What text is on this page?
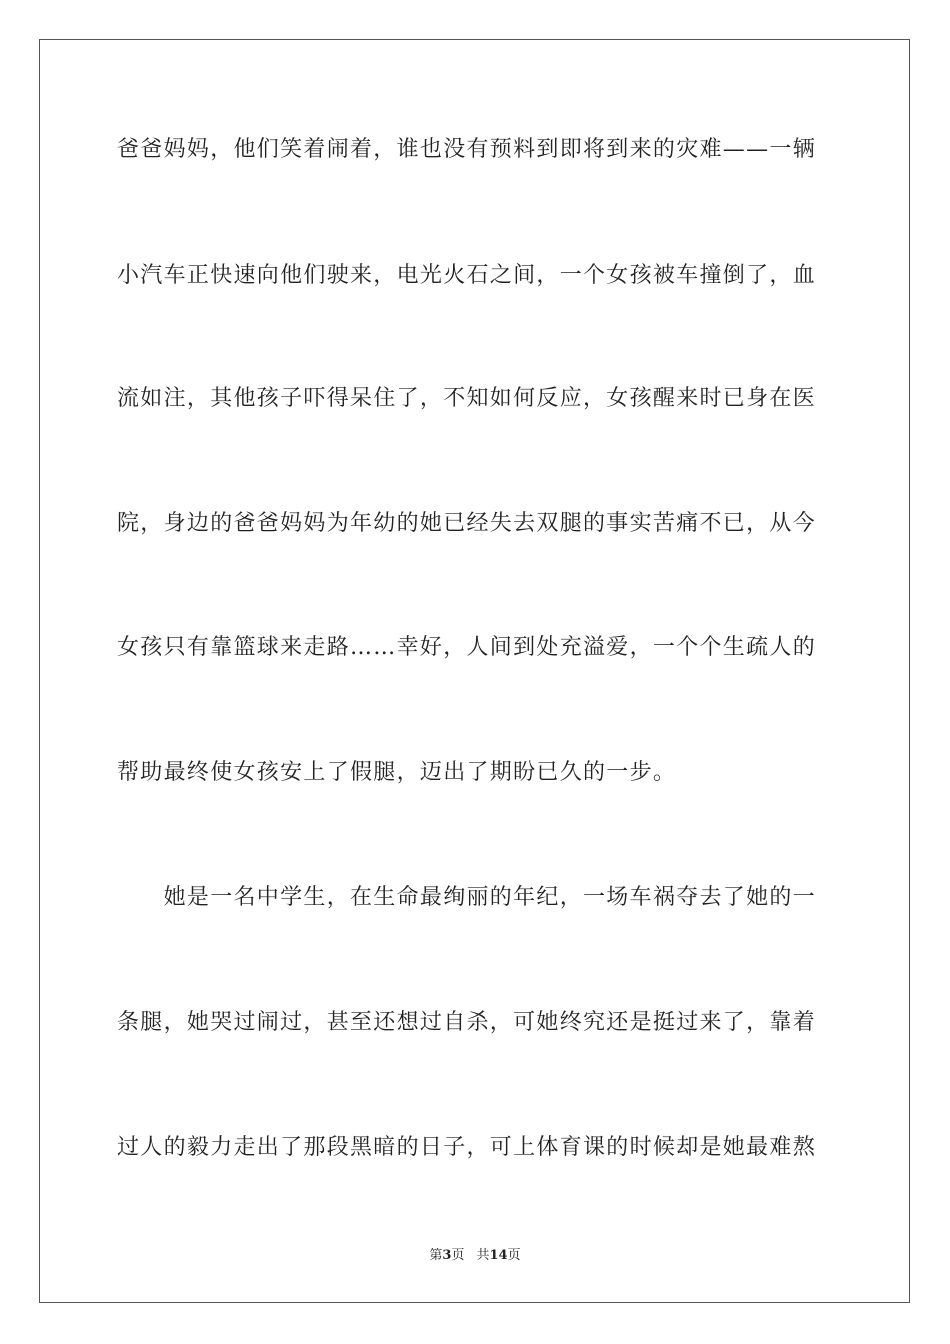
爸爸妈妈，他们笑着闹着，谁也没有预料到即将到来的灾难——一辆
小汽车正快速向他们驶来，电光火石之间，一个女孩被车撞倒了，血
流如注，其他孩子吓得呆住了，不知如何反应，女孩醒来时已身在医
院，身边的爸爸妈妈为年幼的她已经失去双腿的事实苦痛不已，从今
女孩只有靠篮球来走路……幸好，人间到处充溢爱，一个个生疏人的
帮助最终使女孩安上了假腿，迈出了期盼已久的一步。
　　她是一名中学生，在生命最绚丽的年纪，一场车祸夺去了她的一
条腿，她哭过闹过，甚至还想过自杀，可她终究还是挺过来了，靠着
过人的毅力走出了那段黑暗的日子，可上体育课的时候却是她最难熬
第3页 共14页
